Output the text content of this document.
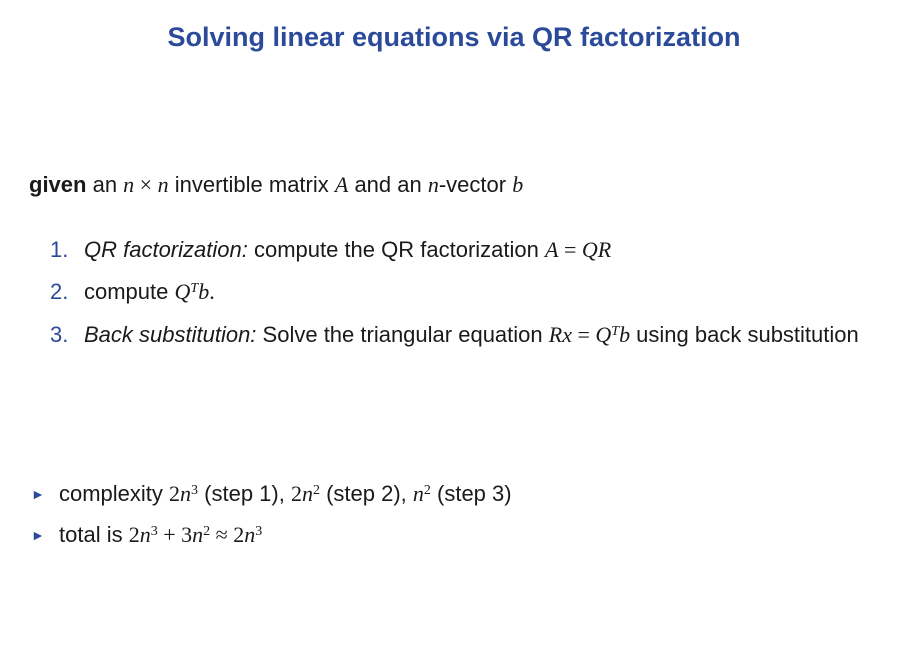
Solving linear equations via QR factorization
given an n × n invertible matrix A and an n-vector b
1. QR factorization: compute the QR factorization A = QR
2. compute $Q^Tb$.
3. Back substitution: Solve the triangular equation $Rx = Q^Tb$ using back substitution
► complexity $2n^3$ (step 1), $2n^2$ (step 2), $n^2$ (step 3)
► total is $2n^3 + 3n^2 \approx 2n^3$
